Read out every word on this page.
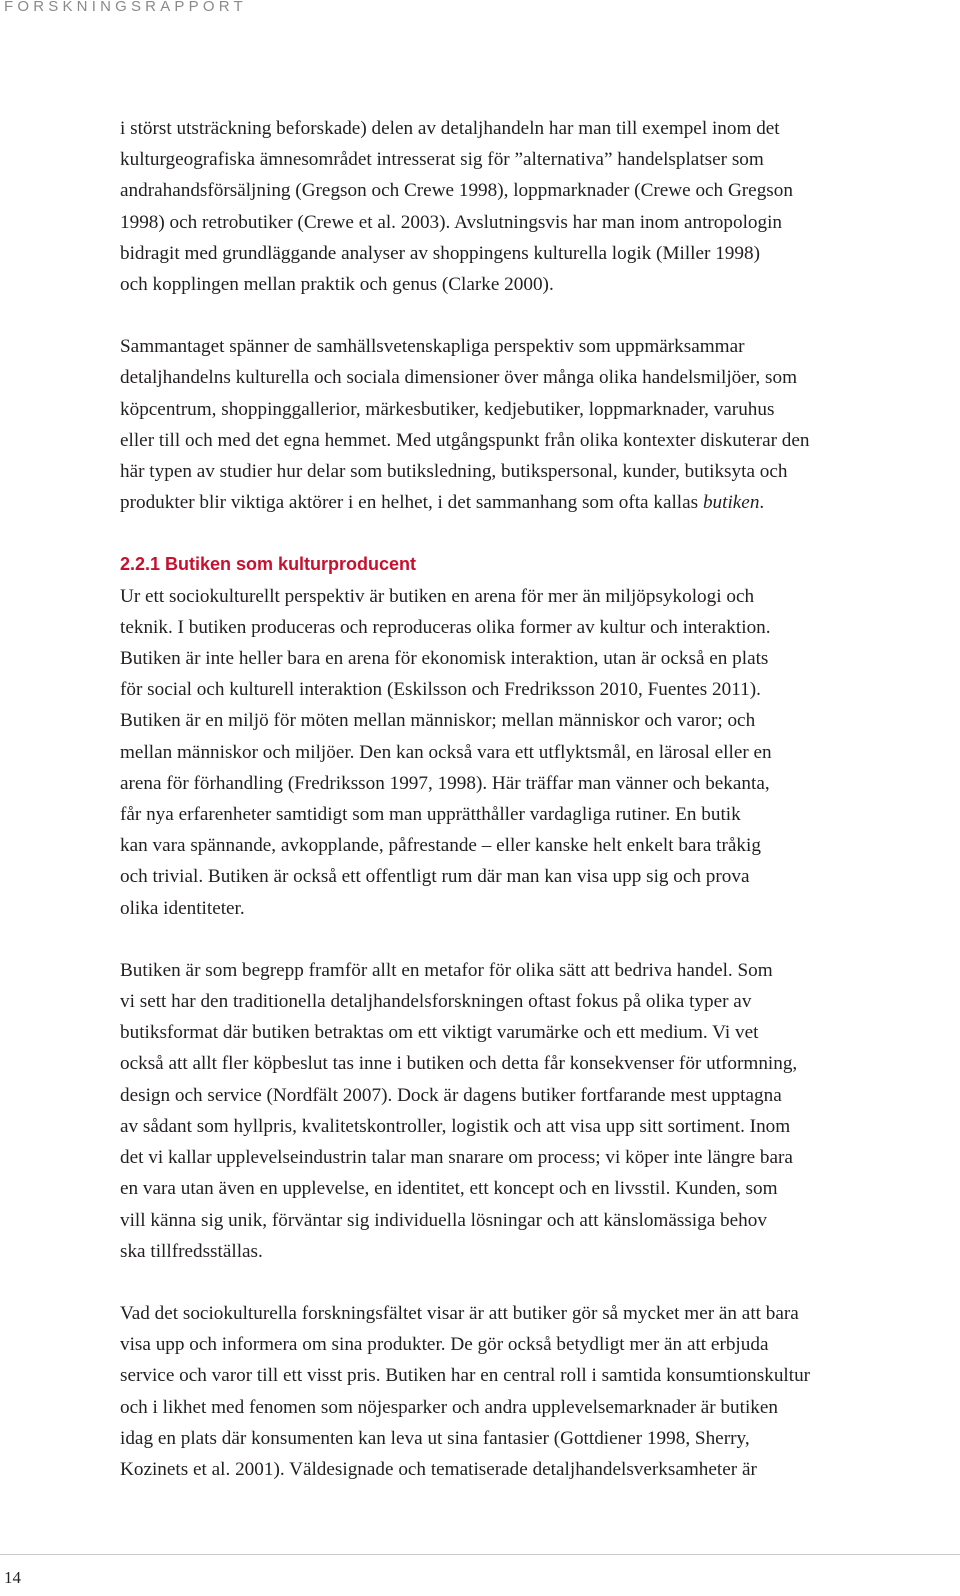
FORSKNINGSRAPPORT

i störst utsträckning beforskade) delen av detaljhandeln har man till exempel inom det
kulturgeografiska ämnesområdet intresserat sig för ”alternativa” handelsplatser som
andrahandsförsäljning (Gregson och Crewe 1998), loppmarknader (Crewe och Gregson
1998) och retrobutiker (Crewe et al. 2003). Avslutningsvis har man inom antropologin
bidragit med grundläggande analyser av shoppingens kulturella logik (Miller 1998)
och kopplingen mellan praktik och genus (Clarke 2000).

Sammantaget spänner de samhällsvetenskapliga perspektiv som uppmärksammar
detaljhandelns kulturella och sociala dimensioner över många olika handelsmiljöer, som
köpcentrum, shoppinggallerior, märkesbutiker, kedjebutiker, loppmarknader, varuhus
eller till och med det egna hemmet. Med utgångspunkt från olika kontexter diskuterar den
här typen av studier hur delar som butiksledning, butikspersonal, kunder, butiksyta och
produkter blir viktiga aktörer i en helhet, i det sammanhang som ofta kallas butiken.

2.2.1 Butiken som kulturproducent

Ur ett sociokulturellt perspektiv är butiken en arena för mer än miljöpsykologi och
teknik. I butiken produceras och reproduceras olika former av kultur och interaktion.
Butiken är inte heller bara en arena för ekonomisk interaktion, utan är också en plats
för social och kulturell interaktion (Eskilsson och Fredriksson 2010, Fuentes 2011).
Butiken är en miljö för möten mellan människor; mellan människor och varor; och
mellan människor och miljöer. Den kan också vara ett utflyktsmål, en lärosal eller en
arena för förhandling (Fredriksson 1997, 1998). Här träffar man vänner och bekanta,
får nya erfarenheter samtidigt som man upprätthåller vardagliga rutiner. En butik
kan vara spännande, avkopplande, påfrestande – eller kanske helt enkelt bara tråkig
och trivial. Butiken är också ett offentligt rum där man kan visa upp sig och prova
olika identiteter.

Butiken är som begrepp framför allt en metafor för olika sätt att bedriva handel. Som
vi sett har den traditionella detaljhandelsforskningen oftast fokus på olika typer av
butiksformat där butiken betraktas om ett viktigt varumärke och ett medium. Vi vet
också att allt fler köpbeslut tas inne i butiken och detta får konsekvenser för utformning,
design och service (Nordfält 2007). Dock är dagens butiker fortfarande mest upptagna
av sådant som hyllpris, kvalitetskontroller, logistik och att visa upp sitt sortiment. Inom
det vi kallar upplevelseindustrin talar man snarare om process; vi köper inte längre bara
en vara utan även en upplevelse, en identitet, ett koncept och en livsstil. Kunden, som
vill känna sig unik, förväntar sig individuella lösningar och att känslomässiga behov
ska tillfredsställas.

Vad det sociokulturella forskningsfältet visar är att butiker gör så mycket mer än att bara
visa upp och informera om sina produkter. De gör också betydligt mer än att erbjuda
service och varor till ett visst pris. Butiken har en central roll i samtida konsumtionskultur
och i likhet med fenomen som nöjesparker och andra upplevelsemarknader är butiken
idag en plats där konsumenten kan leva ut sina fantasier (Gottdiener 1998, Sherry,
Kozinets et al. 2001). Väldesignade och tematiserade detaljhandelsverksamheter är

14
